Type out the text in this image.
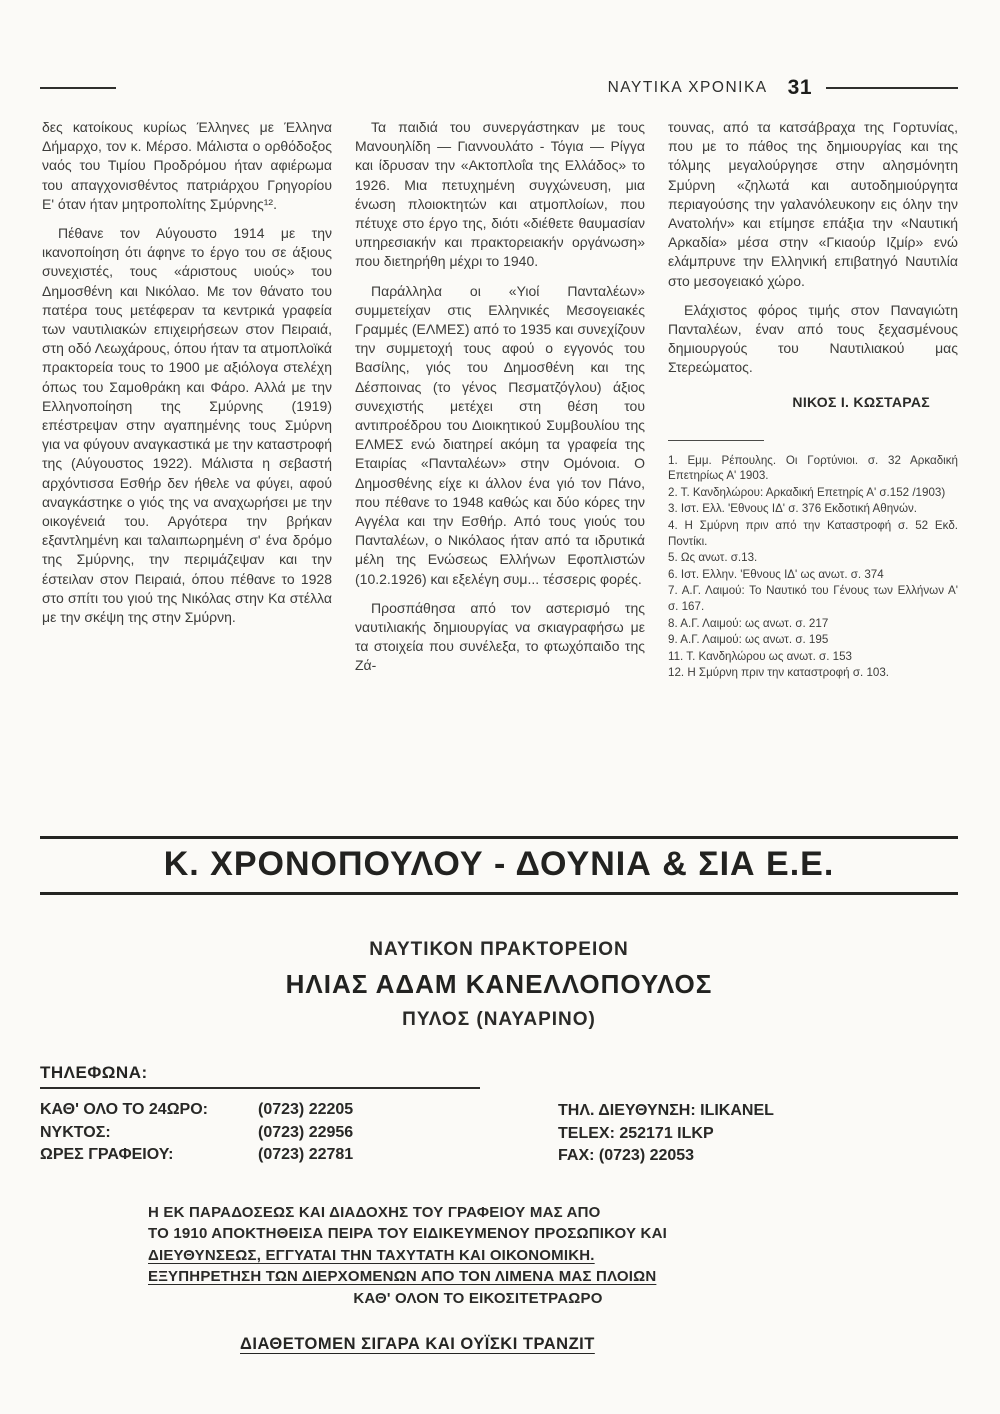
ΝΑΥΤΙΚΑ ΧΡΟΝΙΚΑ 31

δες κατοίκους κυρίως Έλληνες με Έλληνα Δήμαρχο, τον κ. Μέρσο. Μάλιστα ο ορθόδοξος ναός του Τιμίου Προδρόμου ήταν αφιέρωμα του απαγχονισθέντος πατριάρχου Γρηγορίου Ε' όταν ήταν μητροπολίτης Σμύρνης¹².

Πέθανε τον Αύγουστο 1914 με την ικανοποίηση ότι άφηνε το έργο του σε άξιους συνεχιστές, τους «άριστους υιούς» του Δημοσθένη και Νικόλαο. Με τον θάνατο του πατέρα τους μετέφεραν τα κεντρικά γραφεία των ναυτιλιακών επιχειρήσεων στον Πειραιά, στη οδό Λεωχάρους, όπου ήταν τα ατμοπλοϊκά πρακτορεία τους το 1900 με αξιόλογα στελέχη όπως του Σαμοθράκη και Φάρο. Αλλά με την Ελληνοποίηση της Σμύρνης (1919) επέστρεψαν στην αγαπημένης τους Σμύρνη για να φύγουν αναγκαστικά με την καταστροφή της (Αύγουστος 1922). Μάλιστα η σεβαστή αρχόντισσα Εσθήρ δεν ήθελε να φύγει, αφού αναγκάστηκε ο γιός της να αναχωρήσει με την οικογένειά του. Αργότερα την βρήκαν εξαντλημένη και ταλαιπωρημένη σ' ένα δρόμο της Σμύρνης, την περιμάζεψαν και την έστειλαν στον Πειραιά, όπου πέθανε το 1928 στο σπίτι του γιού της Νικόλας στην Κα στέλλα με την σκέψη της στην Σμύρνη.

Τα παιδιά του συνεργάστηκαν με τους Μανουηλίδη — Γιαννουλάτο - Τόγια — Ρίγγα και ίδρυσαν την «Ακτοπλοΐα της Ελλάδος» το 1926. Μια πετυχημένη συγχώνευση, μια ένωση πλοιοκτητών και ατμοπλοίων, που πέτυχε στο έργο της, διότι «διέθετε θαυμασίαν υπηρεσιακήν και πρακτορειακήν οργάνωση» που διετηρήθη μέχρι το 1940.

Παράλληλα οι «Υιοί Πανταλέων» συμμετείχαν στις Ελληνικές Μεσογειακές Γραμμές (ΕΛΜΕΣ) από το 1935 και συνεχίζουν την συμμετοχή τους αφού ο εγγονός του Βασίλης, γιός του Δημοσθένη και της Δέσποινας (το γένος Πεσματζόγλου) άξιος συνεχιστής μετέχει στη θέση του αντιπροέδρου του Διοικητικού Συμβουλίου της ΕΛΜΕΣ ενώ διατηρεί ακόμη τα γραφεία της Εταιρίας «Πανταλέων» στην Ομόνοια. Ο Δημοσθένης είχε κι άλλον ένα γιό τον Πάνο, που πέθανε το 1948 καθώς και δύο κόρες την Αγγέλα και την Εσθήρ. Από τους γιούς του Πανταλέων, ο Νικόλαος ήταν από τα ιδρυτικά μέλη της Ενώσεως Ελλήνων Εφοπλιστών (10.2.1926) και εξελέγη συμ... τέσσερις φορές.

Προσπάθησα από τον αστερισμό της ναυτιλιακής δημιουργίας να σκιαγραφήσω με τα στοιχεία που συνέλεξα, το φτωχόπαιδο της Ζά-

τουνας, από τα κατσάβραχα της Γορτυνίας, που με το πάθος της δημιουργίας και της τόλμης μεγαλούργησε στην αλησμόνητη Σμύρνη «ζηλωτά και αυτοδημιούργητα περιαγούσης την γαλανόλευκοην εις όλην την Ανατολήν» και ετίμησε επάξια την «Ναυτική Αρκαδία» μέσα στην «Γκιαούρ Ιζμίρ» ενώ ελάμπρυνε την Ελληνική επιβατηγό Ναυτιλία στο μεσογειακό χώρο.

Ελάχιστος φόρος τιμής στον Παναγιώτη Πανταλέων, έναν από τους ξεχασμένους δημιουργούς του Ναυτιλιακού μας Στερεώματος.

ΝΙΚΟΣ Ι. ΚΩΣΤΑΡΑΣ

1. Εμμ. Ρέπουλης. Οι Γορτύνιοι. σ. 32 Αρκαδική Επετηρίως Α' 1903.

2. Τ. Κανδηλώρου: Αρκαδική Επετηρίς Α' σ.152 /1903)

3. Ιστ. Ελλ. 'Εθνους ΙΔ' σ. 376 Εκδοτική Αθηνών.

4. Η Σμύρνη πριν από την Καταστροφή σ. 52 Εκδ. Ποντίκι.

5. Ως ανωτ. σ.13.

6. Ιστ. Ελλην. 'Εθνους ΙΔ' ως ανωτ. σ. 374

7. Α.Γ. Λαιμού: Το Ναυτικό του Γένους των Ελλήνων Α' σ. 167.

8. Α.Γ. Λαιμού: ως ανωτ. σ. 217

9. Α.Γ. Λαιμού: ως ανωτ. σ. 195

11. Τ. Κανδηλώρου ως ανωτ. σ. 153

12. Η Σμύρνη πριν την καταστροφή σ. 103.

Κ. ΧΡΟΝΟΠΟΥΛΟΥ - ΔΟΥΝΙΑ & ΣΙΑ Ε.Ε.
ΝΑΥΤΙΚΟΝ ΠΡΑΚΤΟΡΕΙΟΝ
ΗΛΙΑΣ ΑΔΑΜ ΚΑΝΕΛΛΟΠΟΥΛΟΣ
ΠΥΛΟΣ (ΝΑΥΑΡΙΝΟ)
ΤΗΛΕΦΩΝΑ:
ΚΑΘ' ΟΛΟ ΤΟ 24ΩΡΟ:	(0723) 22205
ΝΥΚΤΟΣ:	(0723) 22956
ΩΡΕΣ ΓΡΑΦΕΙΟΥ:	(0723) 22781
ΤΗΛ. ΔΙΕΥΘΥΝΣΗ: ILIKANEL
TELEX: 252171 ILKP
FAX: (0723) 22053
Η ΕΚ ΠΑΡΑΔΟΣΕΩΣ ΚΑΙ ΔΙΑΔΟΧΗΣ ΤΟΥ ΓΡΑΦΕΙΟΥ ΜΑΣ ΑΠΟ
ΤΟ 1910 ΑΠΟΚΤΗΘΕΙΣΑ ΠΕΙΡΑ ΤΟΥ ΕΙΔΙΚΕΥΜΕΝΟΥ ΠΡΟΣΩΠΙΚΟΥ ΚΑΙ
ΔΙΕΥΘΥΝΣΕΩΣ, ΕΓΓΥΑΤΑΙ ΤΗΝ ΤΑΧΥΤΑΤΗ ΚΑΙ ΟΙΚΟΝΟΜΙΚΗ.
ΕΞΥΠΗΡΕΤΗΣΗ ΤΩΝ ΔΙΕΡΧΟΜΕΝΩΝ ΑΠΟ ΤΟΝ ΛΙΜΕΝΑ ΜΑΣ ΠΛΟΙΩΝ
ΚΑΘ' ΟΛΟΝ ΤΟ ΕΙΚΟΣΙΤΕΤΡΑΩΡΟ
ΔΙΑΘΕΤΟΜΕΝ ΣΙΓΑΡΑ ΚΑΙ ΟΥΪΣΚΙ ΤΡΑΝΖΙΤ
